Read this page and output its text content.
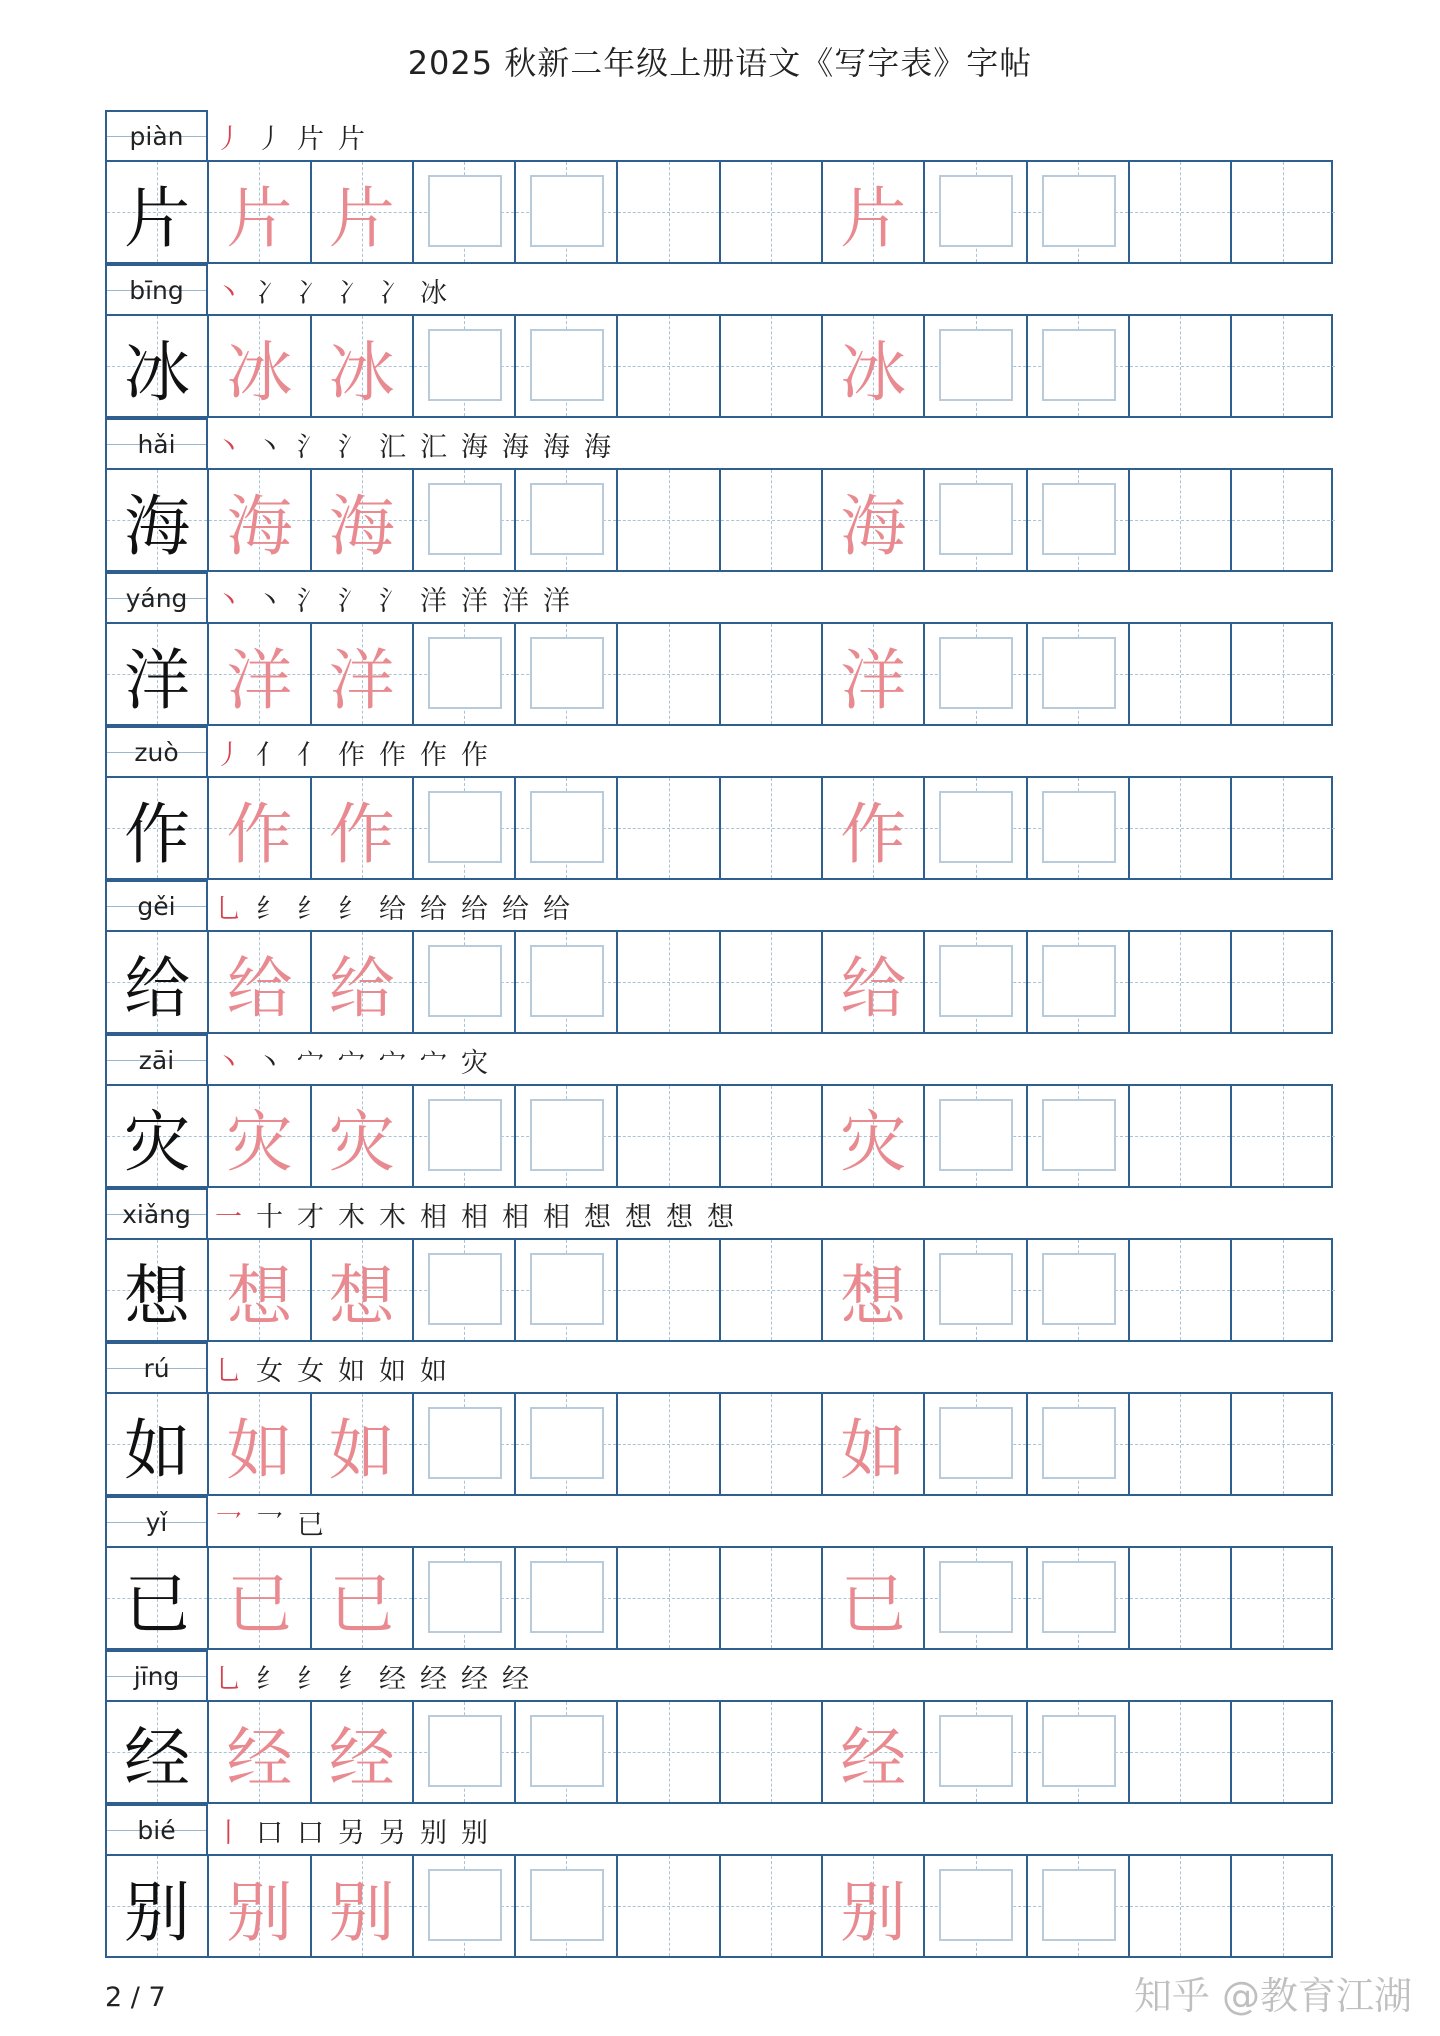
2025 秋新二年级上册语文《写字表》字帖
piàn	丿 丿 片 片
片 片 片	片
bīng	丶 冫 冫 冫 冫 冰
冰 冰 冰	冰
hǎi	丶 丶 氵 氵 汇 汇 海 海 海 海
海 海 海	海
yáng	丶 丶 氵 氵 氵 洋 洋 洋 洋
洋 洋 洋	洋
zuò	丿 亻 亻 作 作 作 作
作 作 作	作
gěi	乚 纟 纟 纟 给 给 给 给 给
给 给 给	给
zāi	丶 丶 宀 宀 宀 宀 灾
灾 灾 灾	灾
xiǎng 一 十 才 木 木 相 相 相 相 想 想 想 想
想 想 想	想
rú	乚 女 女 如 如 如
如 如 如	如
yǐ	乛 乛 已
已 已 已	已
jīng	乚 纟 纟 纟 经 经 经 经
经 经 经	经
bié	丨 口 口 另 另 别 别
别 别 别	别
2 / 7	知乎 @教育江湖
